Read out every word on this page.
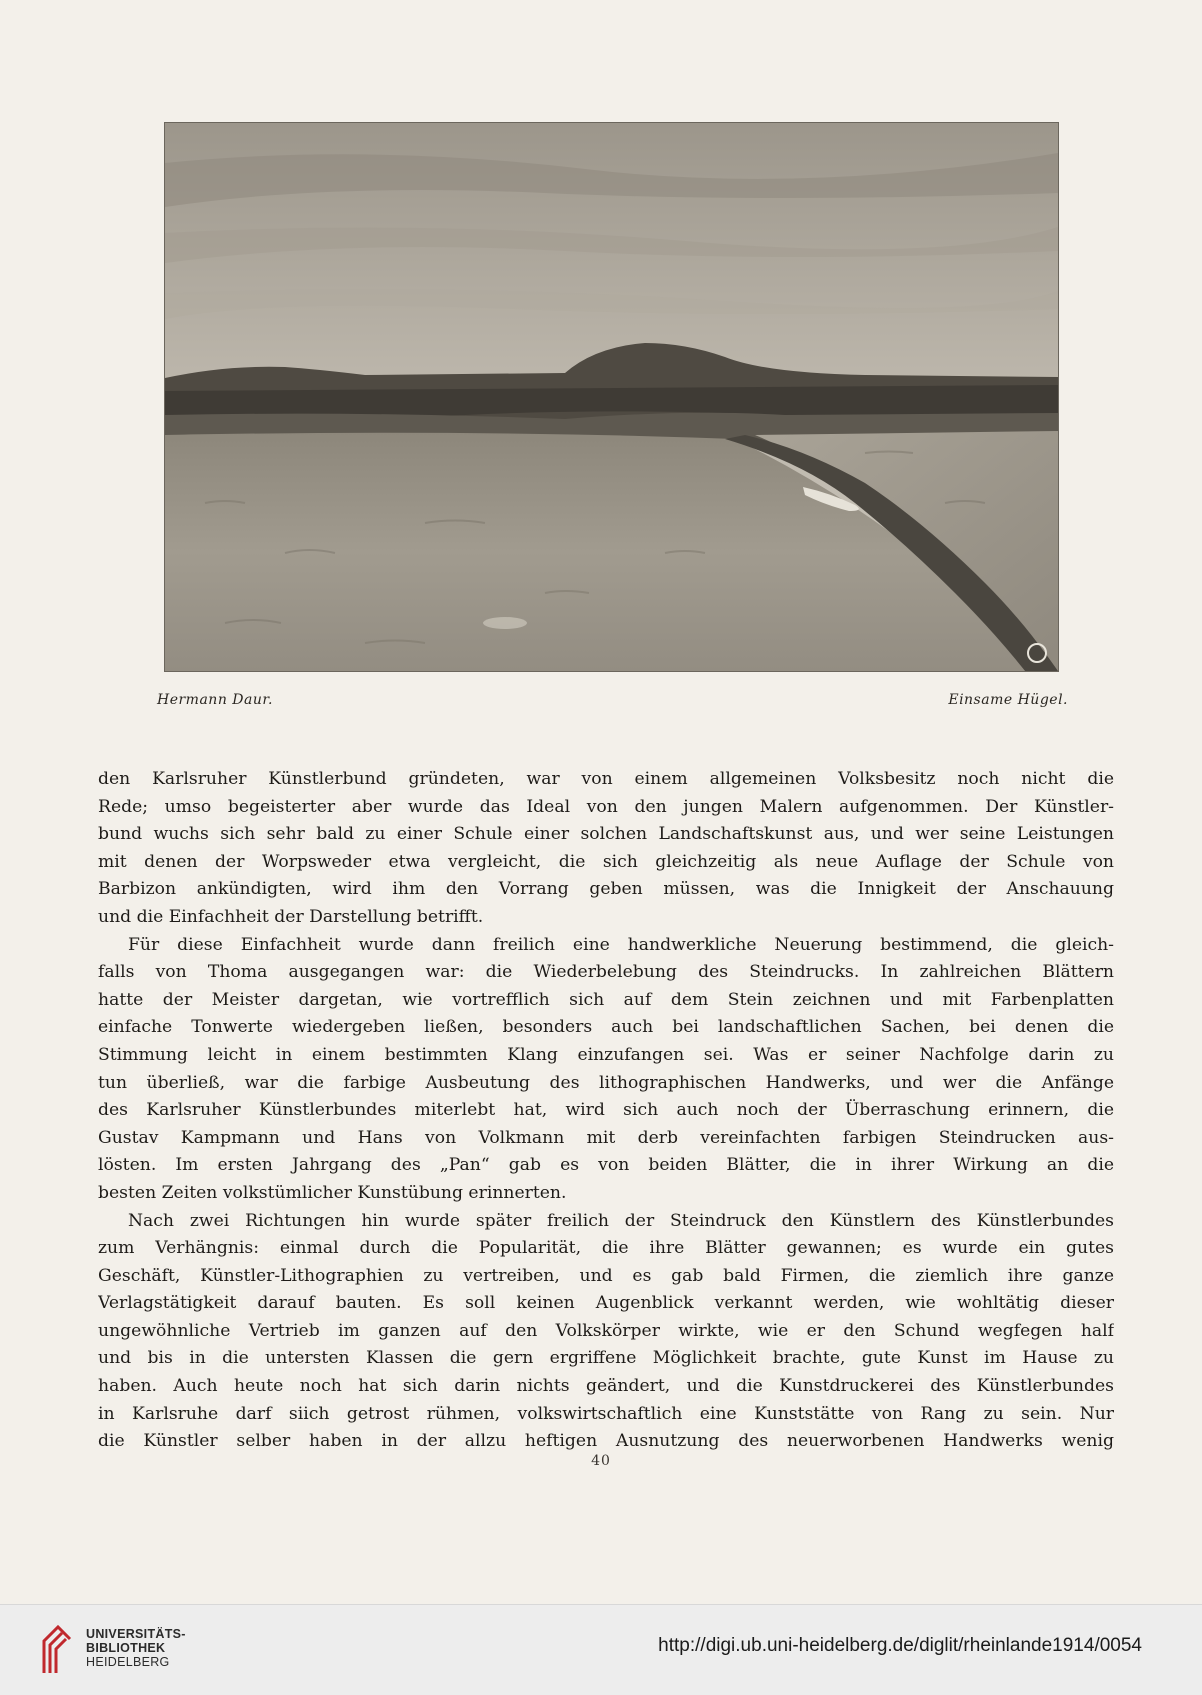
Hermann Daur.	Einsame Hügel.
den Karlsruher Künstlerbund gründeten, war von einem allgemeinen Volksbesitz noch nicht die
Rede; umso begeisterter aber wurde das Ideal von den jungen Malern aufgenommen. Der Künstler-
bund wuchs sich sehr bald zu einer Schule einer solchen Landschaftskunst aus, und wer seine Leistungen
mit denen der Worpsweder etwa vergleicht, die sich gleichzeitig als neue Auflage der Schule von
Barbizon ankündigten, wird ihm den Vorrang geben müssen, was die Innigkeit der Anschauung
und die Einfachheit der Darstellung betrifft.
Für diese Einfachheit wurde dann freilich eine handwerkliche Neuerung bestimmend, die gleich-
falls von Thoma ausgegangen war: die Wiederbelebung des Steindrucks. In zahlreichen Blättern
hatte der Meister dargetan, wie vortrefflich sich auf dem Stein zeichnen und mit Farbenplatten
einfache Tonwerte wiedergeben ließen, besonders auch bei landschaftlichen Sachen, bei denen die
Stimmung leicht in einem bestimmten Klang einzufangen sei. Was er seiner Nachfolge darin zu
tun überließ, war die farbige Ausbeutung des lithographischen Handwerks, und wer die Anfänge
des Karlsruher Künstlerbundes miterlebt hat, wird sich auch noch der Überraschung erinnern, die
Gustav Kampmann und Hans von Volkmann mit derb vereinfachten farbigen Steindrucken aus-
lösten. Im ersten Jahrgang des „Pan“ gab es von beiden Blätter, die in ihrer Wirkung an die
besten Zeiten volkstümlicher Kunstübung erinnerten.
Nach zwei Richtungen hin wurde später freilich der Steindruck den Künstlern des Künstlerbundes
zum Verhängnis: einmal durch die Popularität, die ihre Blätter gewannen; es wurde ein gutes
Geschäft, Künstler-Lithographien zu vertreiben, und es gab bald Firmen, die ziemlich ihre ganze
Verlagstätigkeit darauf bauten. Es soll keinen Augenblick verkannt werden, wie wohltätig dieser
ungewöhnliche Vertrieb im ganzen auf den Volkskörper wirkte, wie er den Schund wegfegen half
und bis in die untersten Klassen die gern ergriffene Möglichkeit brachte, gute Kunst im Hause zu
haben. Auch heute noch hat sich darin nichts geändert, und die Kunstdruckerei des Künstlerbundes
in Karlsruhe darf siich getrost rühmen, volkswirtschaftlich eine Kunststätte von Rang zu sein. Nur
die Künstler selber haben in der allzu heftigen Ausnutzung des neuerworbenen Handwerks wenig
40
UNIVERSITÄTS-
BIBLIOTHEK
HEIDELBERG
http://digi.ub.uni-heidelberg.de/diglit/rheinlande1914/0054
